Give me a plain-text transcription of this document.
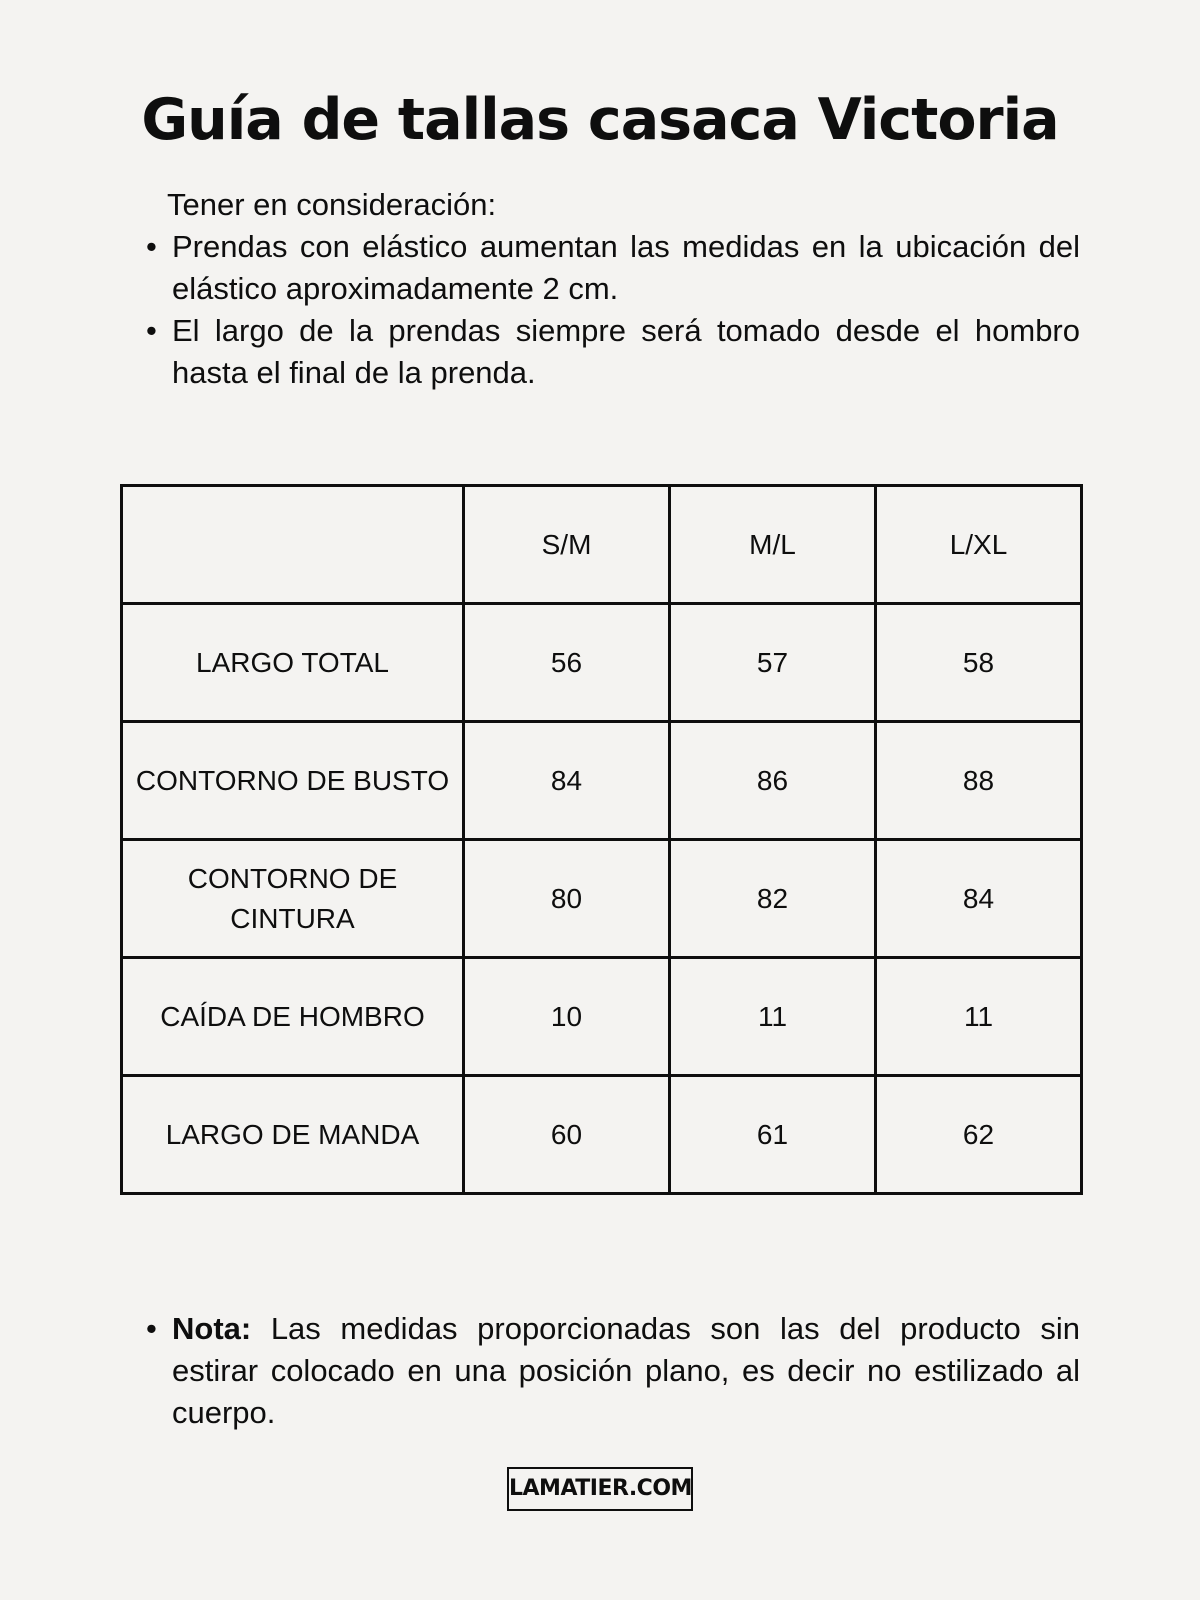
Guía de tallas casaca Victoria
Tener en consideración:
• Prendas con elástico aumentan las medidas en la ubicación del elástico aproximadamente 2 cm.
• El largo de la prendas siempre será tomado desde el hombro hasta el final de la prenda.
	S/M	M/L	L/XL
LARGO TOTAL	56	57	58
CONTORNO DE BUSTO	84	86	88
CONTORNO DE CINTURA	80	82	84
CAÍDA DE HOMBRO	10	11	11
LARGO DE MANDA	60	61	62
• Nota: Las medidas proporcionadas son las del producto sin estirar colocado en una posición plano, es decir no estilizado al cuerpo.
LAMATIER.COM
